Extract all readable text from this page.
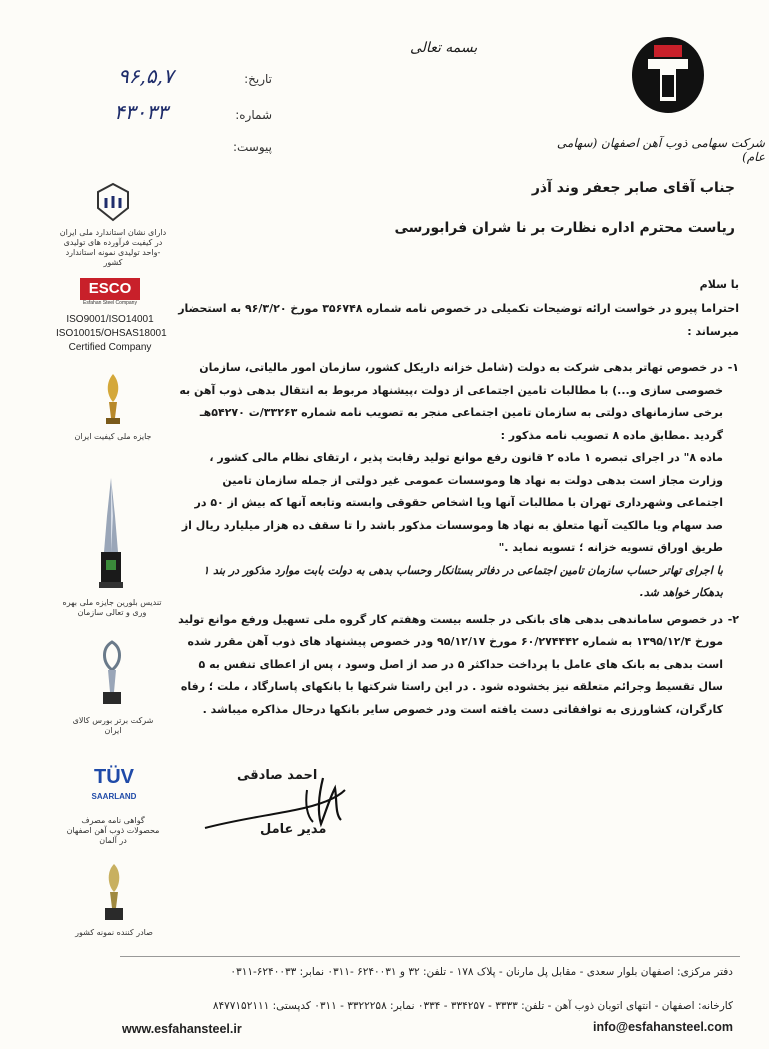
بسمه تعالی
شرکت سهامی ذوب آهن اصفهان (سهامی عام)
تاریخ:
۹۶,۵,۷
شماره:
۴۳۰۳۳
پیوست:
جناب آقای صابر جعفر وند آذر
ریاست محترم اداره نظارت بر نا شران فرابورسی
با سلام

احتراما پیرو در خواست ارائه توضیحات تکمیلی در خصوص نامه شماره ۳۵۶۷۴۸ مورخ ۹۶/۳/۲۰ به استحضار میرساند :

۱-

در خصوص تهاتر بدهی شرکت به دولت (شامل خزانه داریکل کشور، سازمان امور مالیاتی، سازمان خصوصی سازی و...) با مطالبات تامین اجتماعی از دولت ،پیشنهاد مربوط به انتقال بدهی ذوب آهن به برخی سازمانهای دولتی به سازمان تامین اجتماعی منجر به تصویب نامه شماره ۳۳۲۶۳/ت ۵۴۲۷۰هـ گردید .مطابق ماده ۸ تصویب نامه مذکور :

ماده ۸" در اجرای تبصره ۱ ماده ۲ قانون رفع موانع تولید رقابت پذیر ، ارتقای نظام مالی کشور ، وزارت مجاز است بدهی دولت به نهاد ها وموسسات عمومی غیر دولتی از جمله سازمان تامین اجتماعی وشهرداری تهران با مطالبات آنها ویا اشخاص حقوقی وابسته وتابعه آنها که بیش از ۵۰ در صد سهام ویا مالکیت آنها متعلق به نهاد ها وموسسات مذکور باشد را تا سقف ده هزار میلیارد ریال از طریق اوراق تسویه خزانه ؛ تسویه نماید ."

با اجرای تهاتر حساب سازمان تامین اجتماعی در دفاتر بستانکار وحساب بدهی به دولت بابت موارد مذکور در بند ۱ بدهکار خواهد شد.

۲-

در خصوص ساماندهی بدهی های بانکی در جلسه بیست وهفتم کار گروه ملی تسهیل ورفع موانع تولید مورخ ۱۳۹۵/۱۲/۴ به شماره ۶۰/۲۷۴۴۴۲ مورخ ۹۵/۱۲/۱۷ ودر خصوص پیشنهاد های ذوب آهن مقرر شده است بدهی به بانک های عامل با پرداخت حداکثر ۵ در صد از اصل وسود ، پس از اعطای تنفس به ۵ سال تقسیط وجرائم متعلقه نیز بخشوده شود . در این راستا شرکتها با بانکهای پاسارگاد ، ملت ؛ رفاه کارگران، کشاورزی به توافقاتی دست یافته است ودر خصوص سایر بانکها درحال مذاکره میباشد .

احمد صادقی
مدیر عامل
دارای نشان استاندارد ملی ایران در کیفیت فرآورده های تولیدی -واحد تولیدی نمونه استاندارد کشور
ESCO
Esfahan Steel Company
ISO9001/ISO14001
ISO10015/OHSAS18001
Certified Company
جایزه ملی کیفیت ایران
تندیس بلورین جایزه ملی بهره وری و تعالی سازمان
شرکت برتر بورس کالای ایران
TÜV
SAARLAND
گواهی نامه مصرف محصولات ذوب آهن اصفهان در آلمان
صادر کننده نمونه کشور
دفتر مرکزی: اصفهان بلوار سعدی - مقابل پل مارنان - پلاک ۱۷۸ - تلفن: ۳۲ و ۶۲۴۰۰۳۱ -۰۳۱۱ نمابر: ۶۲۴۰۰۳۳-۰۳۱۱
کارخانه: اصفهان - انتهای اتوبان ذوب آهن - تلفن: ۳۳۳۳ - ۳۳۴۲۵۷ - ۰۳۳۴ نمابر: ۳۳۲۲۲۵۸ - ۰۳۱۱ کدپستی: ۸۴۷۷۱۵۲۱۱۱
www.esfahansteel.ir	info@esfahansteel.com
